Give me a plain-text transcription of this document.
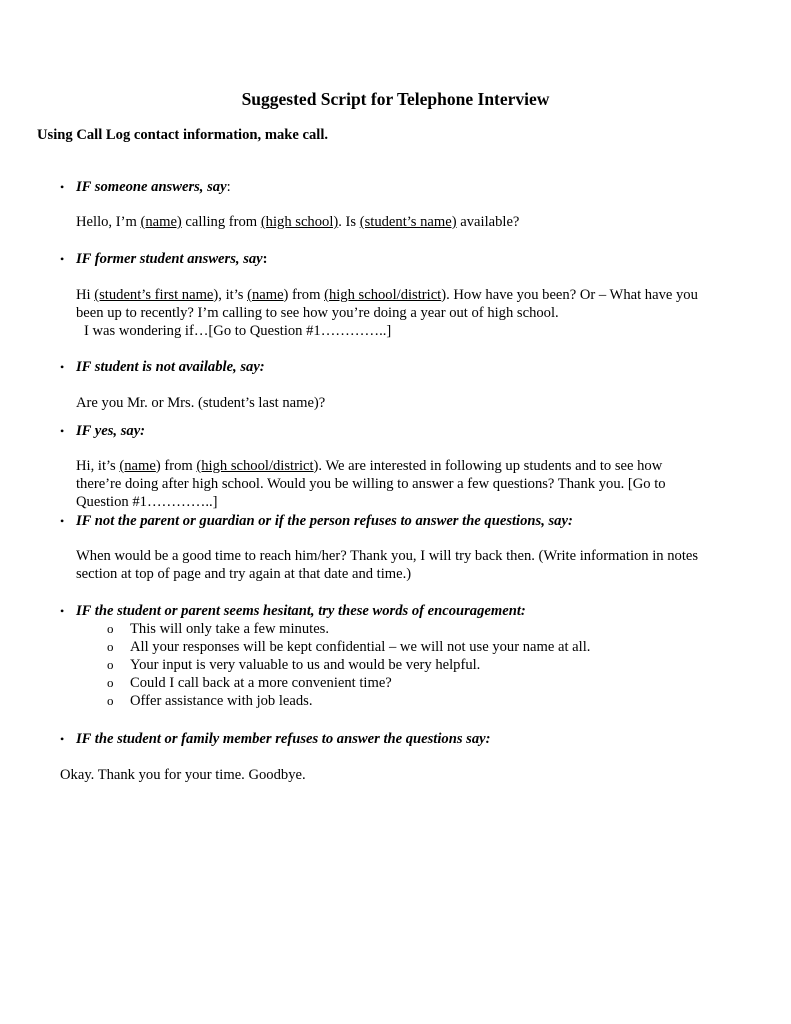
Suggested Script for Telephone Interview
Using Call Log contact information, make call.
• IF someone answers, say:
Hello, I’m (name) calling from (high school). Is (student’s name) available?
• IF former student answers, say:
Hi (student’s first name), it’s (name) from (high school/district). How have you been? Or – What have you
been up to recently? I’m calling to see how you’re doing a year out of high school.
I was wondering if…[Go to Question #1…………..]
• IF student is not available, say:
Are you Mr. or Mrs. (student’s last name)?
• IF yes, say:
Hi, it’s (name) from (high school/district). We are interested in following up students and to see how
there’re doing after high school. Would you be willing to answer a few questions? Thank you. [Go to
Question #1…………..]
• IF not the parent or guardian or if the person refuses to answer the questions, say:
When would be a good time to reach him/her? Thank you, I will try back then. (Write information in notes
section at top of page and try again at that date and time.)
• IF the student or parent seems hesitant, try these words of encouragement:
o This will only take a few minutes.
o All your responses will be kept confidential – we will not use your name at all.
o Your input is very valuable to us and would be very helpful.
o Could I call back at a more convenient time?
o Offer assistance with job leads.
• IF the student or family member refuses to answer the questions say:
Okay. Thank you for your time. Goodbye.
